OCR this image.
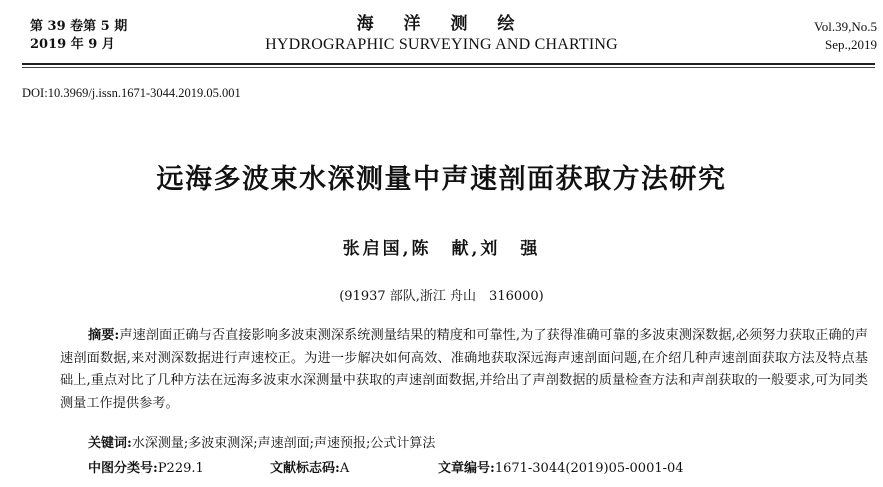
第 39 卷第 5 期
2019 年 9 月
海 洋 测 绘
HYDROGRAPHIC SURVEYING AND CHARTING
Vol.39,No.5
Sep.,2019
DOI:10.3969/j.issn.1671-3044.2019.05.001
远海多波束水深测量中声速剖面获取方法研究
张启国,陈　献,刘　强
(91937 部队,浙江 舟山　316000)
摘要:声速剖面正确与否直接影响多波束测深系统测量结果的精度和可靠性,为了获得准确可靠的多波束测深数据,必须努力获取正确的声速剖面数据,来对测深数据进行声速校正。为进一步解决如何高效、准确地获取深远海声速剖面问题,在介绍几种声速剖面获取方法及特点基础上,重点对比了几种方法在远海多波束水深测量中获取的声速剖面数据,并给出了声剖数据的质量检查方法和声剖获取的一般要求,可为同类测量工作提供参考。
关键词:水深测量;多波束测深;声速剖面;声速预报;公式计算法
中图分类号:P229.1	文献标志码:A	文章编号:1671-3044(2019)05-0001-04
